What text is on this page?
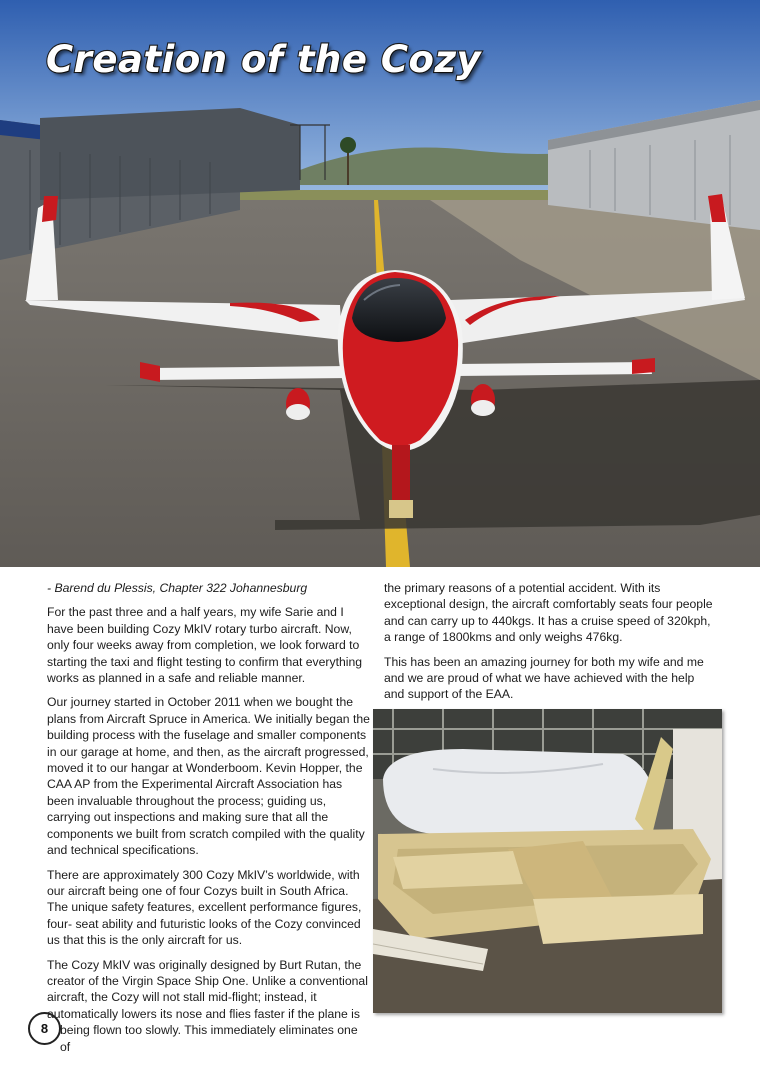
Creation of the Cozy

- Barend du Plessis, Chapter 322 Johannesburg

For the past three and a half years, my wife Sarie and I have been building Cozy MkIV rotary turbo aircraft. Now, only four weeks away from completion, we look forward to starting the taxi and flight testing to confirm that everything works as planned in a safe and reliable manner.

Our journey started in October 2011 when we bought the plans from Aircraft Spruce in America. We initially began the building process with the fuselage and smaller components in our garage at home, and then, as the aircraft progressed, moved it to our hangar at Wonderboom. Kevin Hopper, the CAA AP from the Experimental Aircraft Association has been invaluable throughout the process; guiding us, carrying out inspections and making sure that all the components we built from scratch compiled with the quality and technical specifications.

There are approximately 300 Cozy MkIV’s worldwide, with our aircraft being one of four Cozys built in South Africa. The unique safety features, excellent performance figures, four- seat ability and futuristic looks of the Cozy convinced us that this is the only aircraft for us.

The Cozy MkIV was originally designed by Burt Rutan, the creator of the Virgin Space Ship One. Unlike a conventional aircraft, the Cozy will not stall mid-flight; instead, it automatically lowers its nose and flies faster if the plane is

being flown too slowly. This immediately eliminates one of

the primary reasons of a potential accident. With its exceptional design, the aircraft comfortably seats four people and can carry up to 440kgs. It has a cruise speed of 320kph, a range of 1800kms and only weighs 476kg.

This has been an amazing journey for both my wife and me and we are proud of what we have achieved with the help and support of the EAA.

8
